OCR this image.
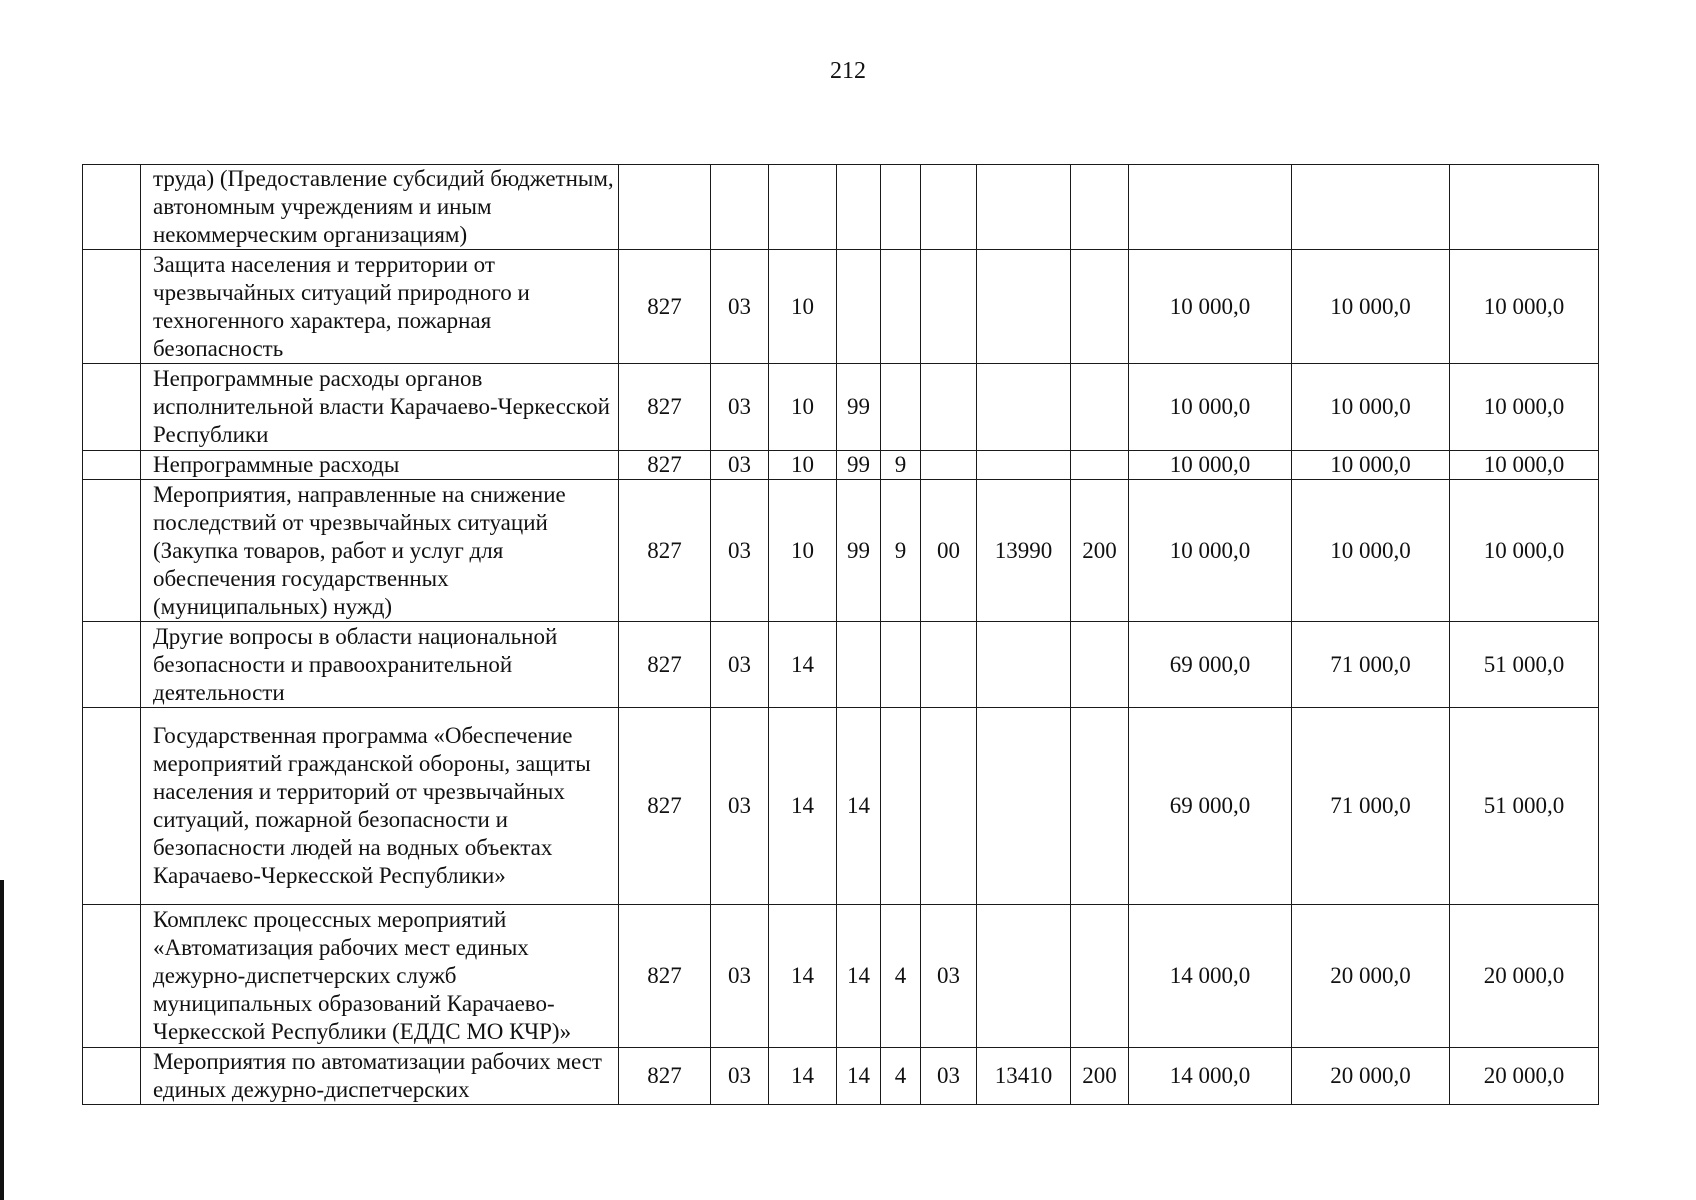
212
	труда) (Предоставление субсидий бюджетным, автономным учреждениям и иным некоммерческим организациям)											
	Защита населения и территории от чрезвычайных ситуаций природного и техногенного характера, пожарная безопасность	827	03	10						10 000,0	10 000,0	10 000,0
	Непрограммные расходы органов исполнительной власти Карачаево-Черкесской Республики	827	03	10	99					10 000,0	10 000,0	10 000,0
	Непрограммные расходы	827	03	10	99	9				10 000,0	10 000,0	10 000,0
	Мероприятия, направленные на снижение последствий от чрезвычайных ситуаций (Закупка товаров, работ и услуг для обеспечения государственных (муниципальных) нужд)	827	03	10	99	9	00	13990	200	10 000,0	10 000,0	10 000,0
	Другие вопросы в области национальной безопасности и правоохранительной деятельности	827	03	14						69 000,0	71 000,0	51 000,0
	Государственная программа «Обеспечение мероприятий гражданской обороны, защиты населения и территорий от чрезвычайных ситуаций, пожарной безопасности и безопасности людей на водных объектах Карачаево-Черкесской Республики»	827	03	14	14					69 000,0	71 000,0	51 000,0
	Комплекс процессных мероприятий «Автоматизация рабочих мест единых дежурно-диспетчерских служб муниципальных образований Карачаево-Черкесской Республики (ЕДДС МО КЧР)»	827	03	14	14	4	03			14 000,0	20 000,0	20 000,0
	Мероприятия по автоматизации рабочих мест единых дежурно-диспетчерских	827	03	14	14	4	03	13410	200	14 000,0	20 000,0	20 000,0
